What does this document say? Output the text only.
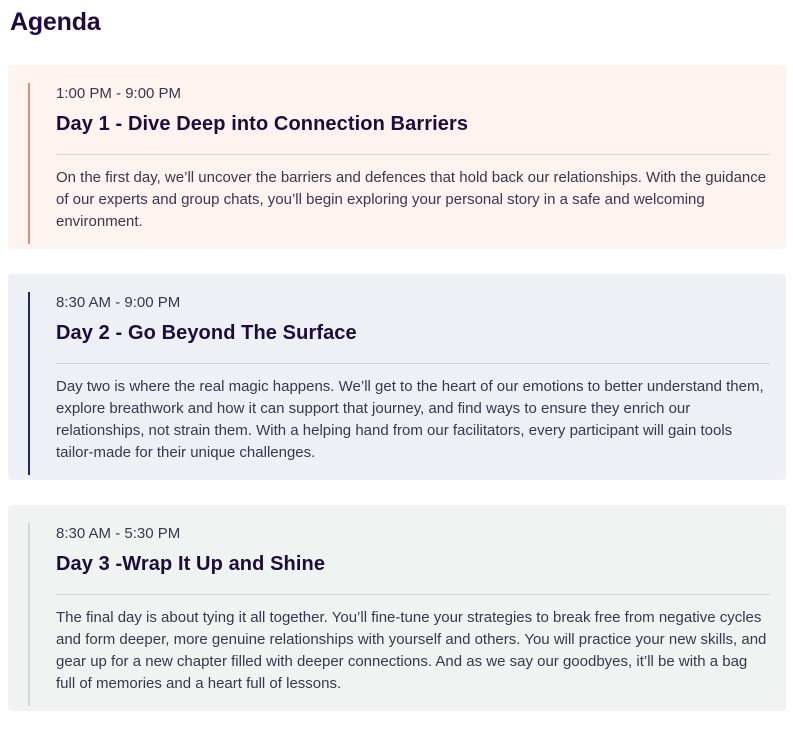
Agenda
1:00 PM - 9:00 PM
Day 1 - Dive Deep into Connection Barriers

On the first day, we’ll uncover the barriers and defences that hold back our relationships. With the guidance of our experts and group chats, you’ll begin exploring your personal story in a safe and welcoming environment.

8:30 AM - 9:00 PM
Day 2 - Go Beyond The Surface

Day two is where the real magic happens. We’ll get to the heart of our emotions to better understand them, explore breathwork and how it can support that journey, and find ways to ensure they enrich our relationships, not strain them. With a helping hand from our facilitators, every participant will gain tools tailor-made for their unique challenges.

8:30 AM - 5:30 PM
Day 3 -Wrap It Up and Shine

The final day is about tying it all together. You’ll fine-tune your strategies to break free from negative cycles and form deeper, more genuine relationships with yourself and others. You will practice your new skills, and gear up for a new chapter filled with deeper connections. And as we say our goodbyes, it’ll be with a bag full of memories and a heart full of lessons.
